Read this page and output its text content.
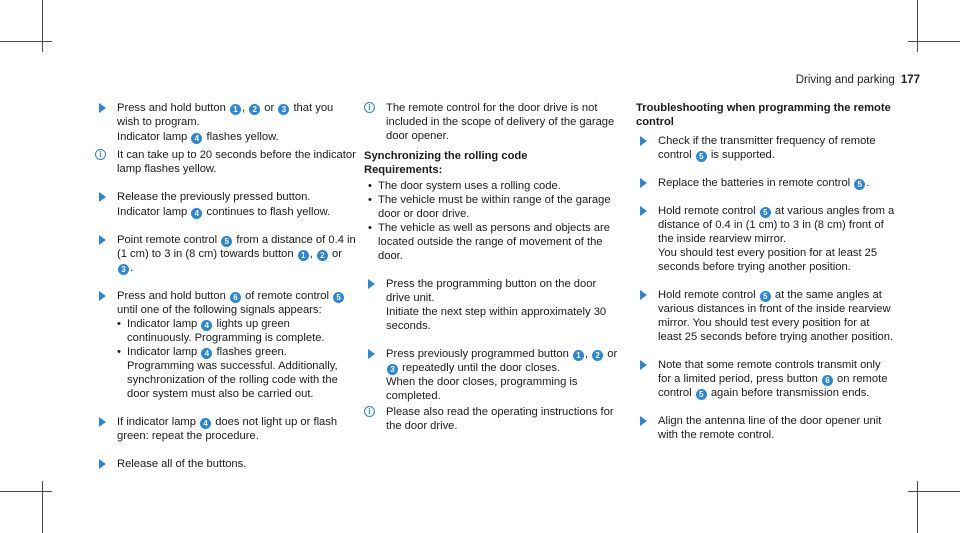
Driving and parking 177
Press and hold button 1 , 2 or 3 that you wish to program.
Indicator lamp 4 flashes yellow.
i	It can take up to 20 seconds before the indicator lamp flashes yellow.
Release the previously pressed button.
Indicator lamp 4 continues to flash yellow.
Point remote control 5 from a distance of 0.4 in (1 cm) to 3 in (8 cm) towards button 1 , 2 or 3 .
Press and hold button 6 of remote control 5 until one of the following signals appears:
• Indicator lamp 4 lights up green continuously. Programming is complete.
• Indicator lamp 4 flashes green. Programming was successful. Additionally, synchronization of the rolling code with the door system must also be carried out.
If indicator lamp 4 does not light up or flash green: repeat the procedure.
Release all of the buttons.
i	The remote control for the door drive is not included in the scope of delivery of the garage door opener.
Synchronizing the rolling code
Requirements:
• The door system uses a rolling code.
• The vehicle must be within range of the garage door or door drive.
• The vehicle as well as persons and objects are located outside the range of movement of the door.
Press the programming button on the door drive unit.
Initiate the next step within approximately 30 seconds.
Press previously programmed button 1 , 2 or 3 repeatedly until the door closes.
When the door closes, programming is completed.
i	Please also read the operating instructions for the door drive.
Troubleshooting when programming the remote control
Check if the transmitter frequency of remote control 5 is supported.
Replace the batteries in remote control 5 .
Hold remote control 5 at various angles from a distance of 0.4 in (1 cm) to 3 in (8 cm) front of the inside rearview mirror.
You should test every position for at least 25 seconds before trying another position.
Hold remote control 5 at the same angles at various distances in front of the inside rearview mirror. You should test every position for at least 25 seconds before trying another position.
Note that some remote controls transmit only for a limited period, press button 6 on remote control 5 again before transmission ends.
Align the antenna line of the door opener unit with the remote control.
